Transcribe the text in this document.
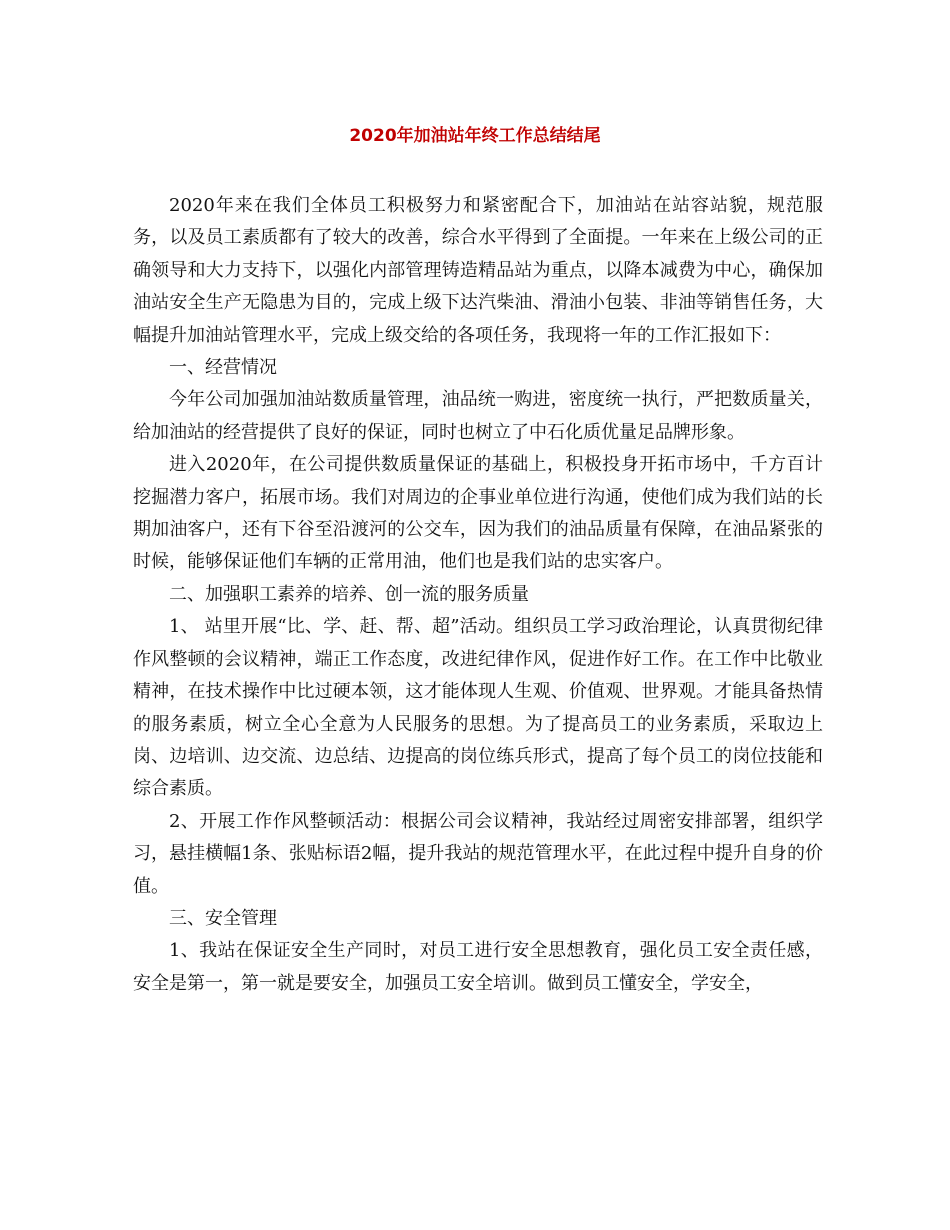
2020年加油站年终工作总结结尾

2020年来在我们全体员工积极努力和紧密配合下，加油站在站容站貌，规范服务，以及员工素质都有了较大的改善，综合水平得到了全面提。一年来在上级公司的正确领导和大力支持下，以强化内部管理铸造精品站为重点，以降本减费为中心，确保加油站安全生产无隐患为目的，完成上级下达汽柴油、滑油小包装、非油等销售任务，大幅提升加油站管理水平，完成上级交给的各项任务，我现将一年的工作汇报如下：

一、经营情况

今年公司加强加油站数质量管理，油品统一购进，密度统一执行，严把数质量关，给加油站的经营提供了良好的保证，同时也树立了中石化质优量足品牌形象。

进入2020年，在公司提供数质量保证的基础上，积极投身开拓市场中，千方百计挖掘潜力客户，拓展市场。我们对周边的企事业单位进行沟通，使他们成为我们站的长期加油客户，还有下谷至沿渡河的公交车，因为我们的油品质量有保障，在油品紧张的时候，能够保证他们车辆的正常用油，他们也是我们站的忠实客户。

二、加强职工素养的培养、创一流的服务质量

1、 站里开展“比、学、赶、帮、超”活动。组织员工学习政治理论，认真贯彻纪律作风整顿的会议精神，端正工作态度，改进纪律作风，促进作好工作。在工作中比敬业精神，在技术操作中比过硬本领，这才能体现人生观、价值观、世界观。才能具备热情的服务素质，树立全心全意为人民服务的思想。为了提高员工的业务素质，采取边上岗、边培训、边交流、边总结、边提高的岗位练兵形式，提高了每个员工的岗位技能和综合素质。

2、开展工作作风整顿活动：根据公司会议精神，我站经过周密安排部署，组织学习，悬挂横幅1条、张贴标语2幅，提升我站的规范管理水平，在此过程中提升自身的价值。

三、安全管理

1、我站在保证安全生产同时，对员工进行安全思想教育，强化员工安全责任感，安全是第一，第一就是要安全，加强员工安全培训。做到员工懂安全，学安全，
